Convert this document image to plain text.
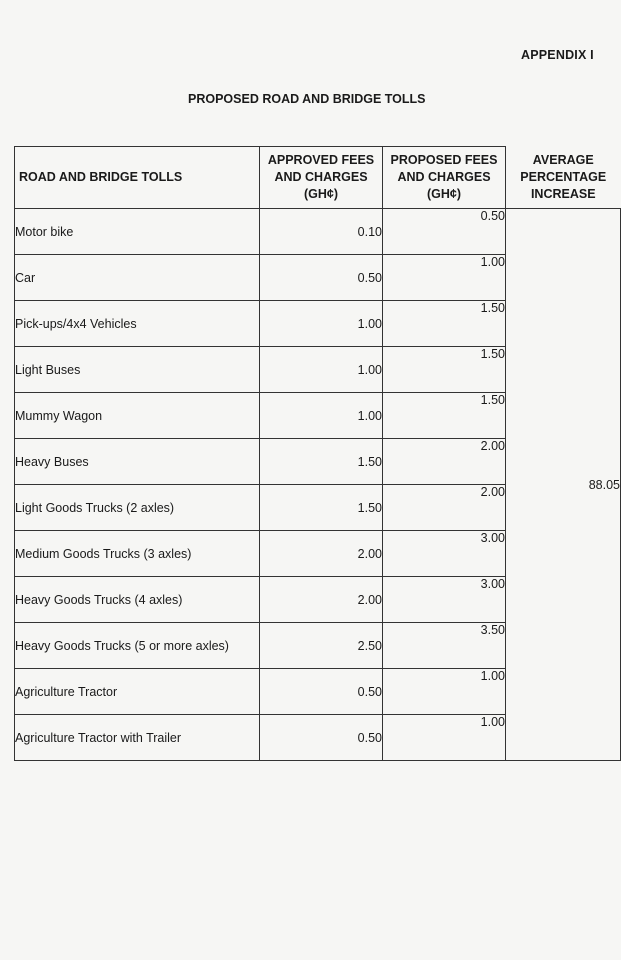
APPENDIX I
PROPOSED ROAD AND BRIDGE TOLLS
ROAD AND BRIDGE TOLLS	APPROVED FEES AND CHARGES (GH¢)	PROPOSED FEES AND CHARGES (GH¢)	AVERAGE PERCENTAGE INCREASE
Motor bike	0.10	0.50	88.05
Car	0.50	1.00	
Pick-ups/4x4 Vehicles	1.00	1.50	
Light Buses	1.00	1.50	
Mummy Wagon	1.00	1.50	
Heavy Buses	1.50	2.00	
Light Goods Trucks (2 axles)	1.50	2.00	
Medium Goods Trucks (3 axles)	2.00	3.00	
Heavy Goods Trucks (4 axles)	2.00	3.00	
Heavy Goods Trucks (5 or more axles)	2.50	3.50	
Agriculture Tractor	0.50	1.00	
Agriculture Tractor with Trailer	0.50	1.00	
